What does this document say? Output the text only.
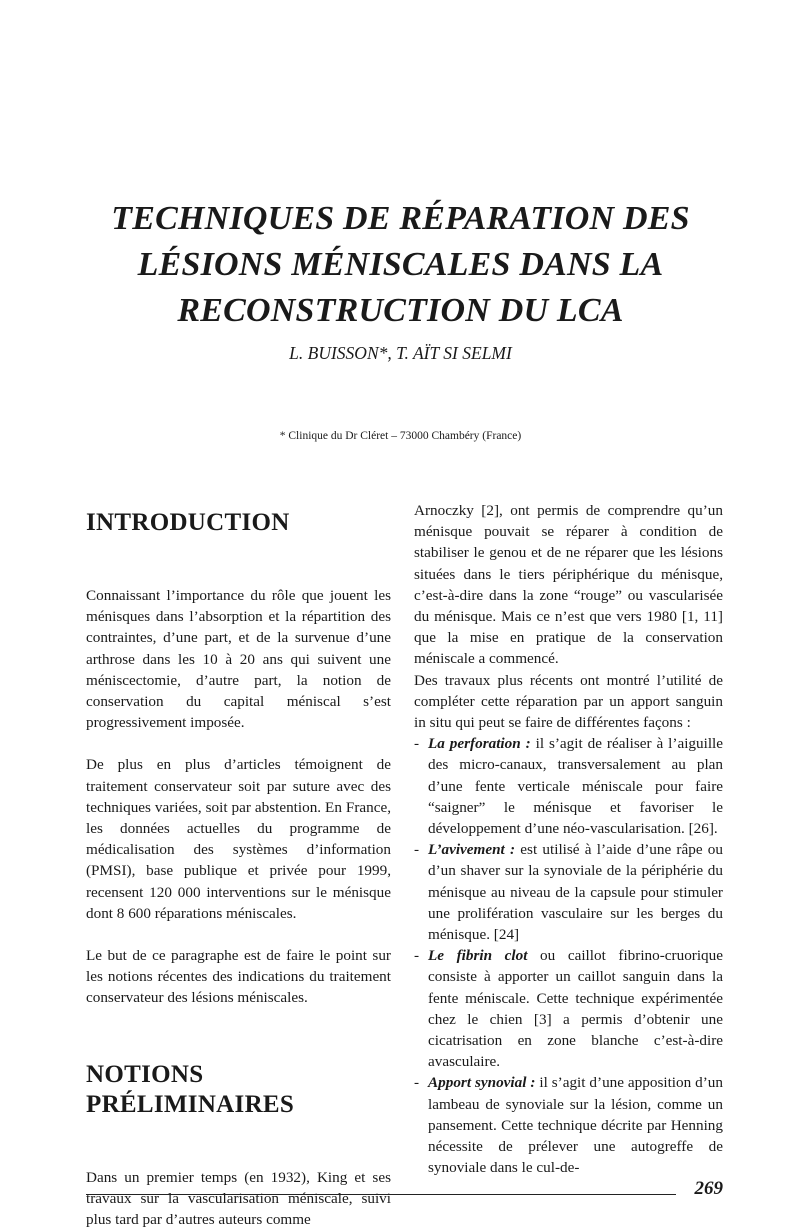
TECHNIQUES DE RÉPARATION DES
LÉSIONS MÉNISCALES DANS LA
RECONSTRUCTION DU LCA
L. BUISSON*, T. AÏT SI SELMI
* Clinique du Dr Cléret – 73000 Chambéry (France)
INTRODUCTION

Connaissant l’importance du rôle que jouent les ménisques dans l’absorption et la répartition des contraintes, d’une part, et de la survenue d’une arthrose dans les 10 à 20 ans qui suivent une méniscectomie, d’autre part, la notion de conservation du capital méniscal s’est progressivement imposée.

De plus en plus d’articles témoignent de traitement conservateur soit par suture avec des techniques variées, soit par abstention. En France, les données actuelles du programme de médicalisation des systèmes d’information (PMSI), base publique et privée pour 1999, recensent 120 000 interventions sur le ménisque dont 8 600 réparations méniscales.

Le but de ce paragraphe est de faire le point sur les notions récentes des indications du traitement conservateur des lésions méniscales.

NOTIONS PRÉLIMINAIRES

Dans un premier temps (en 1932), King et ses travaux sur la vascularisation méniscale, suivi plus tard par d’autres auteurs comme

Arnoczky [2], ont permis de comprendre qu’un ménisque pouvait se réparer à condition de stabiliser le genou et de ne réparer que les lésions situées dans le tiers périphérique du ménisque, c’est-à-dire dans la zone “rouge” ou vascularisée du ménisque. Mais ce n’est que vers 1980 [1, 11] que la mise en pratique de la conservation méniscale a commencé.

Des travaux plus récents ont montré l’utilité de compléter cette réparation par un apport sanguin in situ qui peut se faire de différentes façons :

- La perforation : il s’agit de réaliser à l’aiguille des micro-canaux, transversalement au plan d’une fente verticale méniscale pour faire “saigner” le ménisque et favoriser le développement d’une néo-vascularisation. [26].
- L’avivement : est utilisé à l’aide d’une râpe ou d’un shaver sur la synoviale de la périphérie du ménisque au niveau de la capsule pour stimuler une prolifération vasculaire sur les berges du ménisque. [24]
- Le fibrin clot ou caillot fibrino-cruorique consiste à apporter un caillot sanguin dans la fente méniscale. Cette technique expérimentée chez le chien [3] a permis d’obtenir une cicatrisation en zone blanche c’est-à-dire avasculaire.
- Apport synovial : il s’agit d’une apposition d’un lambeau de synoviale sur la lésion, comme un pansement. Cette technique décrite par Henning nécessite de prélever une autogreffe de synoviale dans le cul-de-
269
